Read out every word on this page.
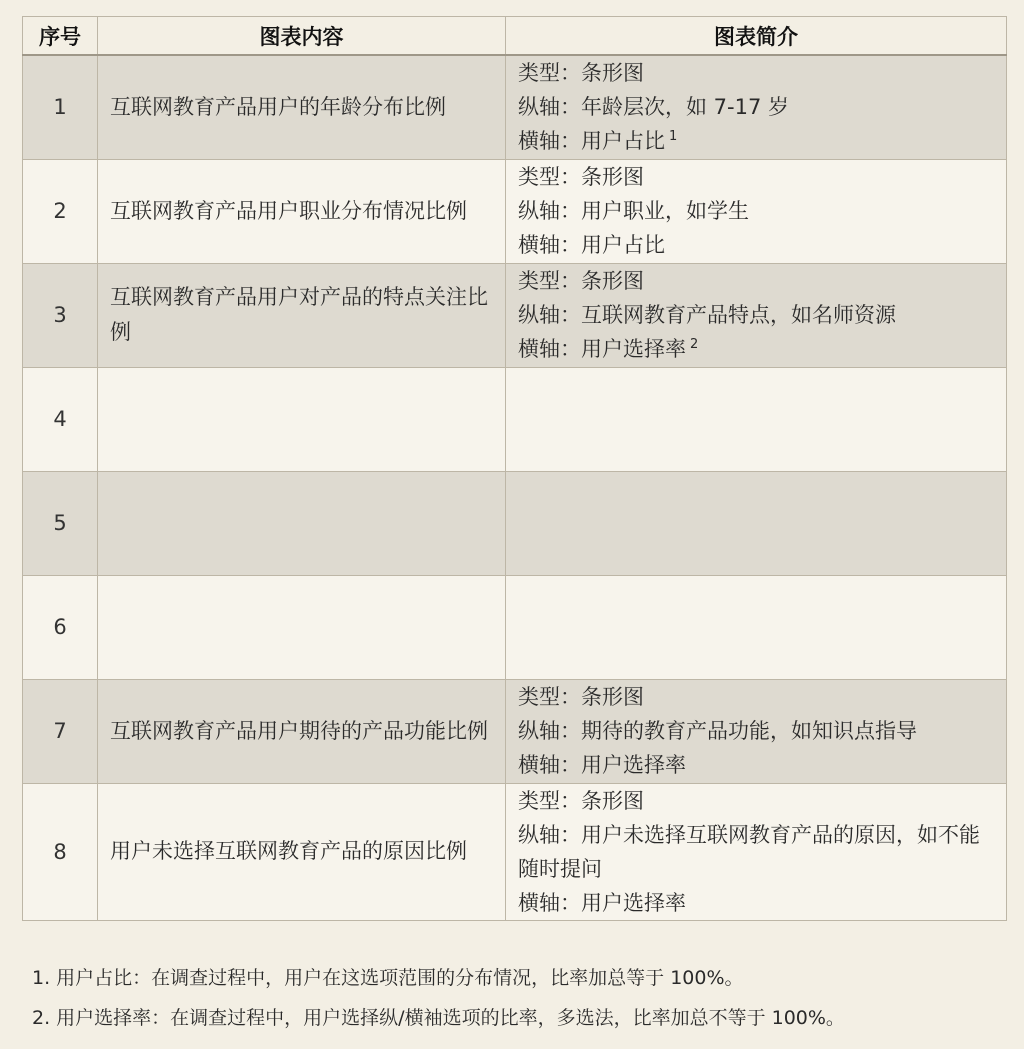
序号	图表内容	图表简介
1	互联网教育产品用户的年龄分布比例	类型：条形图
纵轴：年龄层次，如 7-17 岁
横轴：用户占比 $^1$

2	互联网教育产品用户职业分布情况比例	类型：条形图
纵轴：用户职业，如学生
横轴：用户占比

3	互联网教育产品用户对产品的特点关注比例	类型：条形图
纵轴：互联网教育产品特点，如名师资源
横轴：用户选择率 $^2$

4		
5		
6		
7	互联网教育产品用户期待的产品功能比例	类型：条形图
纵轴：期待的教育产品功能，如知识点指导
横轴：用户选择率

8	用户未选择互联网教育产品的原因比例	类型：条形图
纵轴：用户未选择互联网教育产品的原因，如不能随时提问
横轴：用户选择率
1. 用户占比：在调查过程中，用户在这选项范围的分布情况，比率加总等于 100%。
2. 用户选择率：在调查过程中，用户选择纵/横袖选项的比率，多选法，比率加总不等于 100%。
